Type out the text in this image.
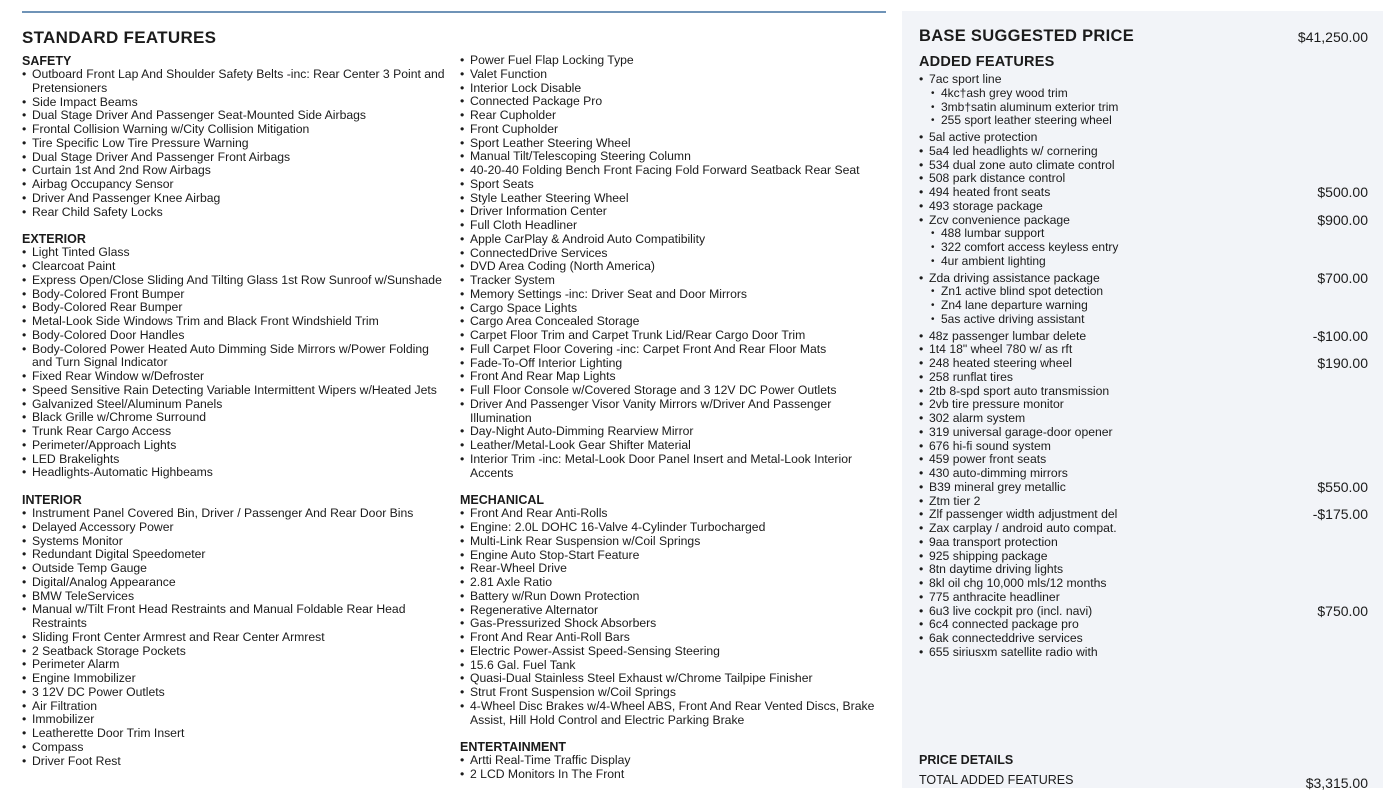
STANDARD FEATURES
SAFETY
• Outboard Front Lap And Shoulder Safety Belts -inc: Rear Center 3 Point and Pretensioners
• Side Impact Beams
• Dual Stage Driver And Passenger Seat-Mounted Side Airbags
• Frontal Collision Warning w/City Collision Mitigation
• Tire Specific Low Tire Pressure Warning
• Dual Stage Driver And Passenger Front Airbags
• Curtain 1st And 2nd Row Airbags
• Airbag Occupancy Sensor
• Driver And Passenger Knee Airbag
• Rear Child Safety Locks
EXTERIOR
• Light Tinted Glass
• Clearcoat Paint
• Express Open/Close Sliding And Tilting Glass 1st Row Sunroof w/Sunshade
• Body-Colored Front Bumper
• Body-Colored Rear Bumper
• Metal-Look Side Windows Trim and Black Front Windshield Trim
• Body-Colored Door Handles
• Body-Colored Power Heated Auto Dimming Side Mirrors w/Power Folding and Turn Signal Indicator
• Fixed Rear Window w/Defroster
• Speed Sensitive Rain Detecting Variable Intermittent Wipers w/Heated Jets
• Galvanized Steel/Aluminum Panels
• Black Grille w/Chrome Surround
• Trunk Rear Cargo Access
• Perimeter/Approach Lights
• LED Brakelights
• Headlights-Automatic Highbeams
INTERIOR
• Instrument Panel Covered Bin, Driver / Passenger And Rear Door Bins
• Delayed Accessory Power
• Systems Monitor
• Redundant Digital Speedometer
• Outside Temp Gauge
• Digital/Analog Appearance
• BMW TeleServices
• Manual w/Tilt Front Head Restraints and Manual Foldable Rear Head Restraints
• Sliding Front Center Armrest and Rear Center Armrest
• 2 Seatback Storage Pockets
• Perimeter Alarm
• Engine Immobilizer
• 3 12V DC Power Outlets
• Air Filtration
• Immobilizer
• Leatherette Door Trim Insert
• Compass
• Driver Foot Rest
• Power Fuel Flap Locking Type
• Valet Function
• Interior Lock Disable
• Connected Package Pro
• Rear Cupholder
• Front Cupholder
• Sport Leather Steering Wheel
• Manual Tilt/Telescoping Steering Column
• 40-20-40 Folding Bench Front Facing Fold Forward Seatback Rear Seat
• Sport Seats
• Style Leather Steering Wheel
• Driver Information Center
• Full Cloth Headliner
• Apple CarPlay & Android Auto Compatibility
• ConnectedDrive Services
• DVD Area Coding (North America)
• Tracker System
• Memory Settings -inc: Driver Seat and Door Mirrors
• Cargo Space Lights
• Cargo Area Concealed Storage
• Carpet Floor Trim and Carpet Trunk Lid/Rear Cargo Door Trim
• Full Carpet Floor Covering -inc: Carpet Front And Rear Floor Mats
• Fade-To-Off Interior Lighting
• Front And Rear Map Lights
• Full Floor Console w/Covered Storage and 3 12V DC Power Outlets
• Driver And Passenger Visor Vanity Mirrors w/Driver And Passenger Illumination
• Day-Night Auto-Dimming Rearview Mirror
• Leather/Metal-Look Gear Shifter Material
• Interior Trim -inc: Metal-Look Door Panel Insert and Metal-Look Interior Accents
MECHANICAL
• Front And Rear Anti-Rolls
• Engine: 2.0L DOHC 16-Valve 4-Cylinder Turbocharged
• Multi-Link Rear Suspension w/Coil Springs
• Engine Auto Stop-Start Feature
• Rear-Wheel Drive
• 2.81 Axle Ratio
• Battery w/Run Down Protection
• Regenerative Alternator
• Gas-Pressurized Shock Absorbers
• Front And Rear Anti-Roll Bars
• Electric Power-Assist Speed-Sensing Steering
• 15.6 Gal. Fuel Tank
• Quasi-Dual Stainless Steel Exhaust w/Chrome Tailpipe Finisher
• Strut Front Suspension w/Coil Springs
• 4-Wheel Disc Brakes w/4-Wheel ABS, Front And Rear Vented Discs, Brake Assist, Hill Hold Control and Electric Parking Brake
ENTERTAINMENT
• Artti Real-Time Traffic Display
• 2 LCD Monitors In The Front
BASE SUGGESTED PRICE	$41,250.00
ADDED FEATURES
• 7ac sport line
• 4kc†ash grey wood trim
• 3mb†satin aluminum exterior trim
• 255 sport leather steering wheel
• 5al active protection
• 5a4 led headlights w/ cornering
• 534 dual zone auto climate control
• 508 park distance control
• 494 heated front seats	$500.00
• 493 storage package
• Zcv convenience package	$900.00
• 488 lumbar support
• 322 comfort access keyless entry
• 4ur ambient lighting
• Zda driving assistance package	$700.00
• Zn1 active blind spot detection
• Zn4 lane departure warning
• 5as active driving assistant
• 48z passenger lumbar delete	-$100.00
• 1t4 18" wheel 780 w/ as rft
• 248 heated steering wheel	$190.00
• 258 runflat tires
• 2tb 8-spd sport auto transmission
• 2vb tire pressure monitor
• 302 alarm system
• 319 universal garage-door opener
• 676 hi-fi sound system
• 459 power front seats
• 430 auto-dimming mirrors
• B39 mineral grey metallic	$550.00
• Ztm tier 2
• Zlf passenger width adjustment del	-$175.00
• Zax carplay / android auto compat.
• 9aa transport protection
• 925 shipping package
• 8tn daytime driving lights
• 8kl oil chg 10,000 mls/12 months
• 775 anthracite headliner
• 6u3 live cockpit pro (incl. navi)	$750.00
• 6c4 connected package pro
• 6ak connecteddrive services
• 655 siriusxm satellite radio with
PRICE DETAILS
TOTAL ADDED FEATURES	$3,315.00
